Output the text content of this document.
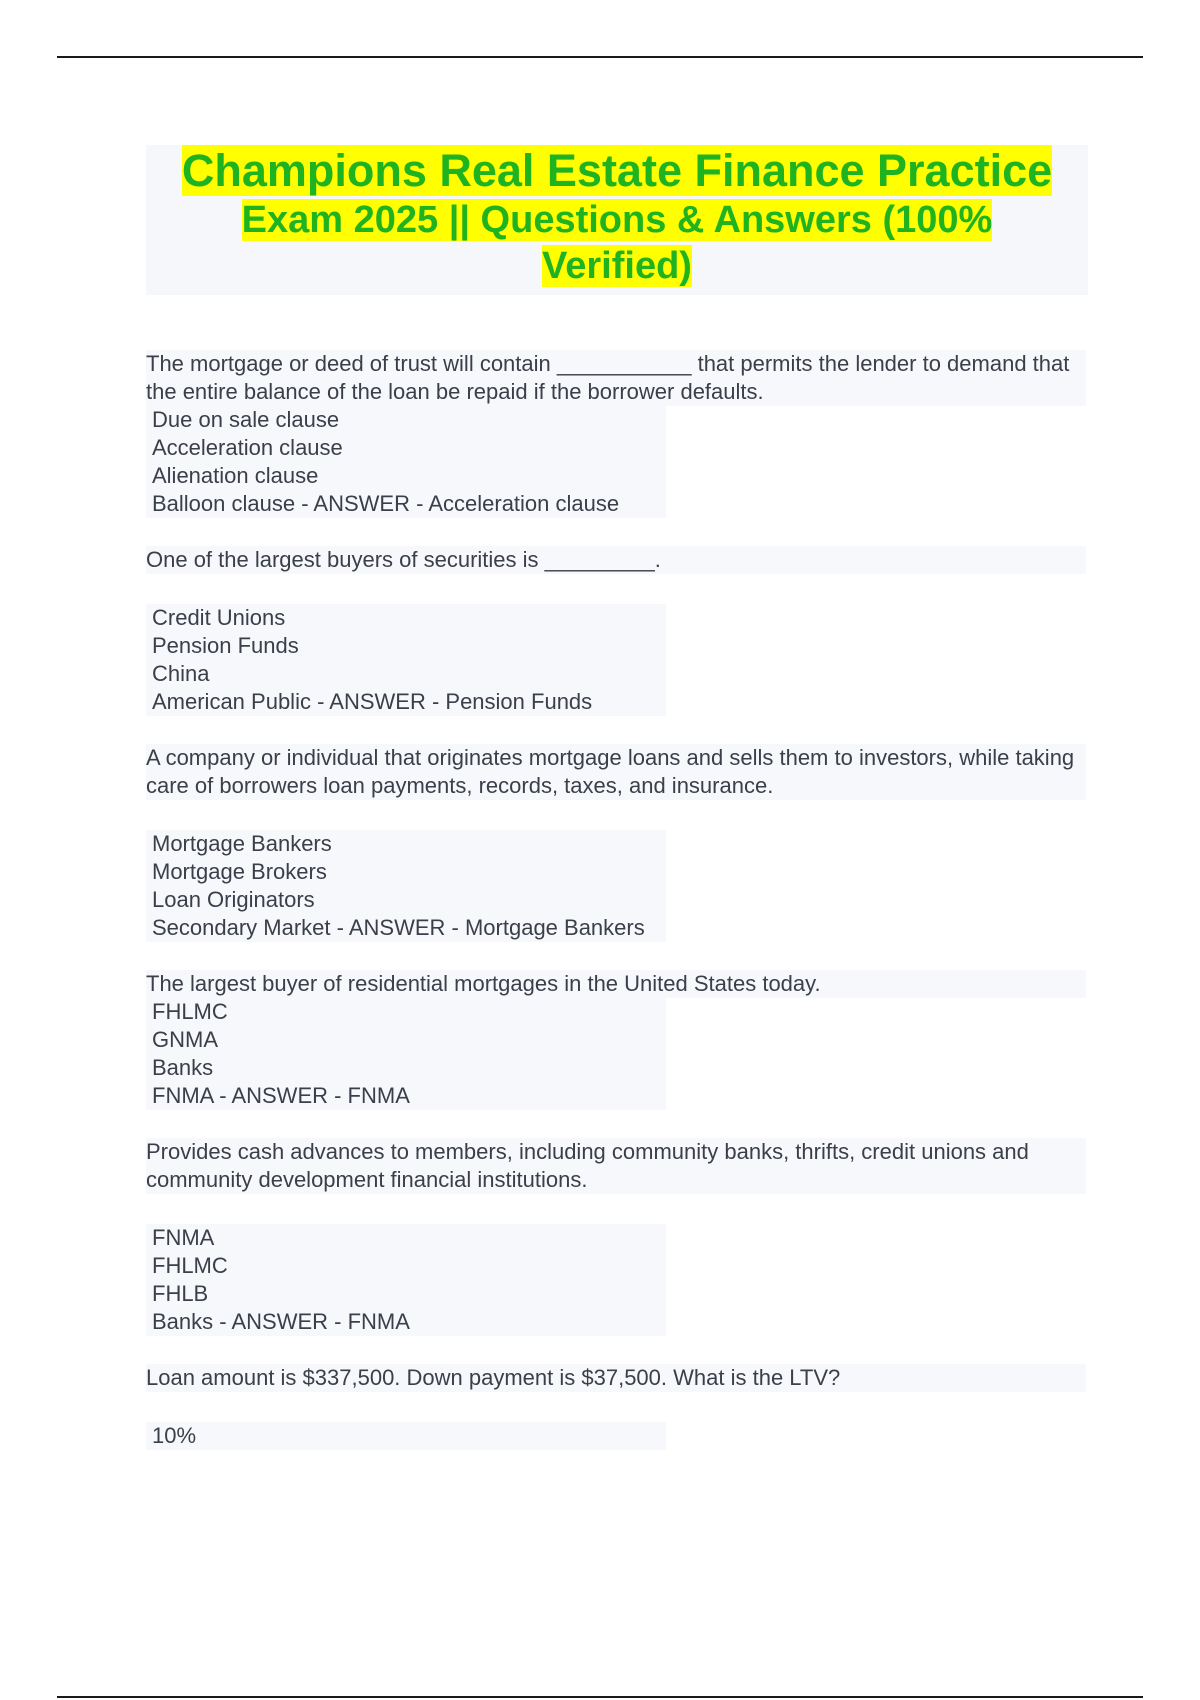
Champions Real Estate Finance Practice
Exam 2025 || Questions & Answers (100%
Verified)
The mortgage or deed of trust will contain ___________ that permits the lender to demand that the entire balance of the loan be repaid if the borrower defaults.
Due on sale clause
Acceleration clause
Alienation clause
Balloon clause - ANSWER - Acceleration clause
One of the largest buyers of securities is _________.
Credit Unions
Pension Funds
China
American Public - ANSWER - Pension Funds
A company or individual that originates mortgage loans and sells them to investors, while taking care of borrowers loan payments, records, taxes, and insurance.
Mortgage Bankers
Mortgage Brokers
Loan Originators
Secondary Market - ANSWER - Mortgage Bankers
The largest buyer of residential mortgages in the United States today.
FHLMC
GNMA
Banks
FNMA - ANSWER - FNMA
Provides cash advances to members, including community banks, thrifts, credit unions and community development financial institutions.
FNMA
FHLMC
FHLB
Banks - ANSWER - FNMA
Loan amount is $337,500. Down payment is $37,500. What is the LTV?
10%
